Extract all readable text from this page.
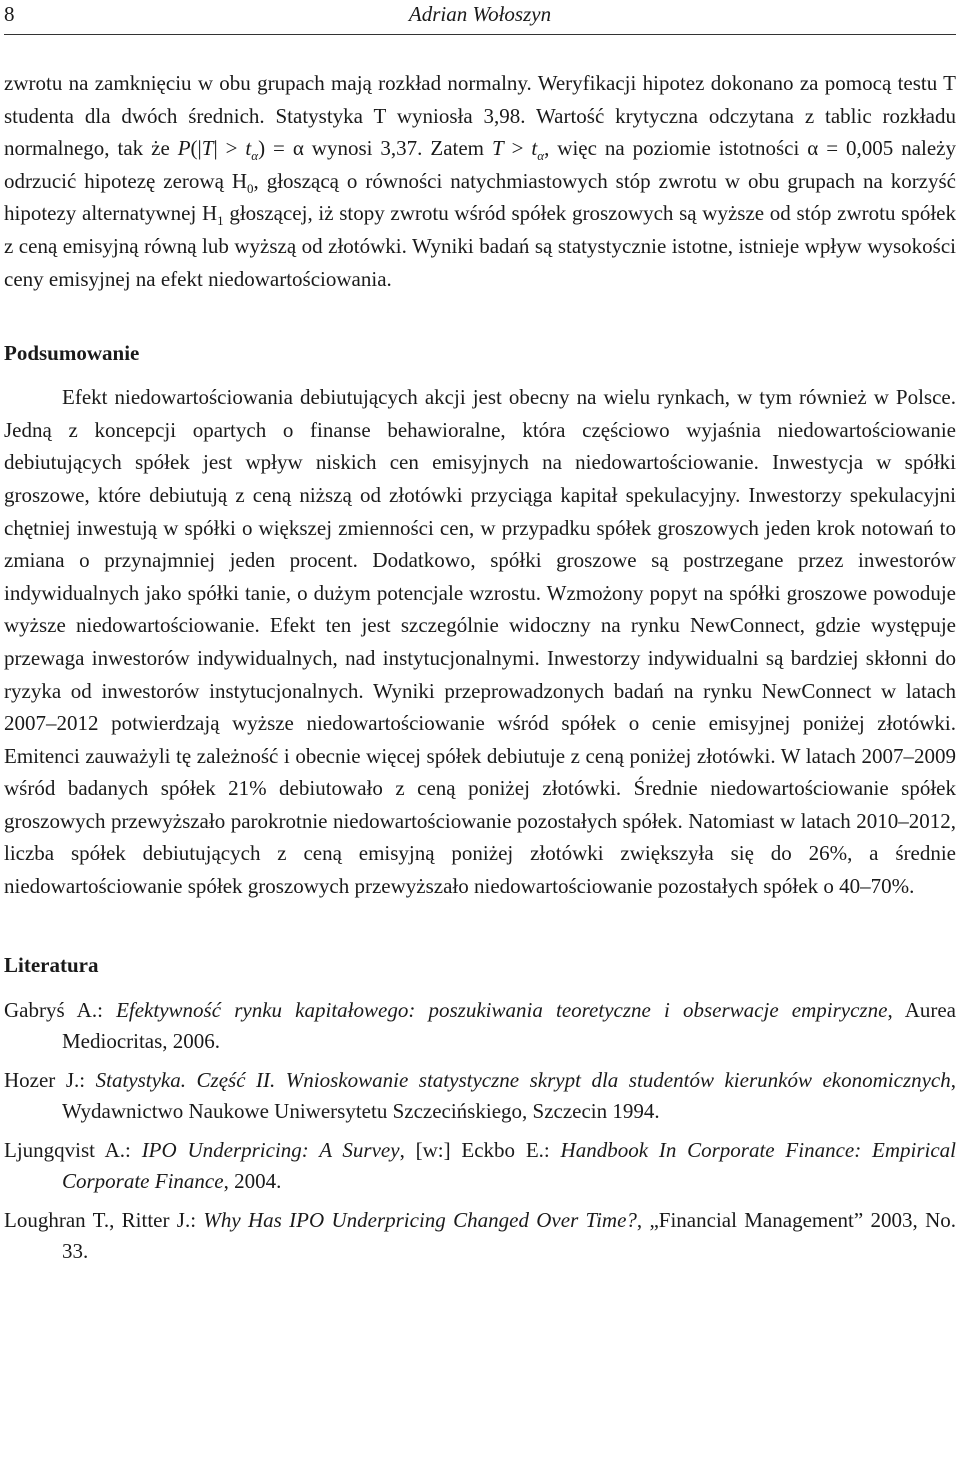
8	Adrian Wołoszyn

zwrotu na zamknięciu w obu grupach mają rozkład normalny. Weryfikacji hipotez dokonano za pomocą testu T studenta dla dwóch średnich. Statystyka T wyniosła 3,98. Wartość krytyczna odczytana z tablic rozkładu normalnego, tak że $P(|T| > t_\alpha) = \alpha$ wynosi 3,37. Zatem $T > t_\alpha$, więc na poziomie istotności α = 0,005 należy odrzucić hipotezę zerową $H_0$, głoszącą o równości natychmiastowych stóp zwrotu w obu grupach na korzyść hipotezy alternatywnej $H_1$ głoszącej, iż stopy zwrotu wśród spółek groszowych są wyższe od stóp zwrotu spółek z ceną emisyjną równą lub wyższą od złotówki. Wyniki badań są statystycznie istotne, istnieje wpływ wysokości ceny emisyjnej na efekt niedowartościowania.

Podsumowanie

Efekt niedowartościowania debiutujących akcji jest obecny na wielu rynkach, w tym również w Polsce. Jedną z koncepcji opartych o finanse behawioralne, która częściowo wyjaśnia niedowartościowanie debiutujących spółek jest wpływ niskich cen emisyjnych na niedowartościowanie. Inwestycja w spółki groszowe, które debiutują z ceną niższą od złotówki przyciąga kapitał spekulacyjny. Inwestorzy spekulacyjni chętniej inwestują w spółki o większej zmienności cen, w przypadku spółek groszowych jeden krok notowań to zmiana o przynajmniej jeden procent. Dodatkowo, spółki groszowe są postrzegane przez inwestorów indywidualnych jako spółki tanie, o dużym potencjale wzrostu. Wzmożony popyt na spółki groszowe powoduje wyższe niedowartościowanie. Efekt ten jest szczególnie widoczny na rynku NewConnect, gdzie występuje przewaga inwestorów indywidualnych, nad instytucjonalnymi. Inwestorzy indywidualni są bardziej skłonni do ryzyka od inwestorów instytucjonalnych. Wyniki przeprowadzonych badań na rynku NewConnect w latach 2007–2012 potwierdzają wyższe niedowartościowanie wśród spółek o cenie emisyjnej poniżej złotówki. Emitenci zauważyli tę zależność i obecnie więcej spółek debiutuje z ceną poniżej złotówki. W latach 2007–2009 wśród badanych spółek 21% debiutowało z ceną poniżej złotówki. Średnie niedowartościowanie spółek groszowych przewyższało parokrotnie niedowartościowanie pozostałych spółek. Natomiast w latach 2010–2012, liczba spółek debiutujących z ceną emisyjną poniżej złotówki zwiększyła się do 26%, a średnie niedowartościowanie spółek groszowych przewyższało niedowartościowanie pozostałych spółek o 40–70%.

Literatura

Gabryś A.: Efektywność rynku kapitałowego: poszukiwania teoretyczne i obserwacje empiryczne, Aurea Mediocritas, 2006.

Hozer J.: Statystyka. Część II. Wnioskowanie statystyczne skrypt dla studentów kierunków ekonomicznych, Wydawnictwo Naukowe Uniwersytetu Szczecińskiego, Szczecin 1994.

Ljungqvist A.: IPO Underpricing: A Survey, [w:] Eckbo E.: Handbook In Corporate Finance: Empirical Corporate Finance, 2004.

Loughran T., Ritter J.: Why Has IPO Underpricing Changed Over Time?, „Financial Management” 2003, No. 33.
